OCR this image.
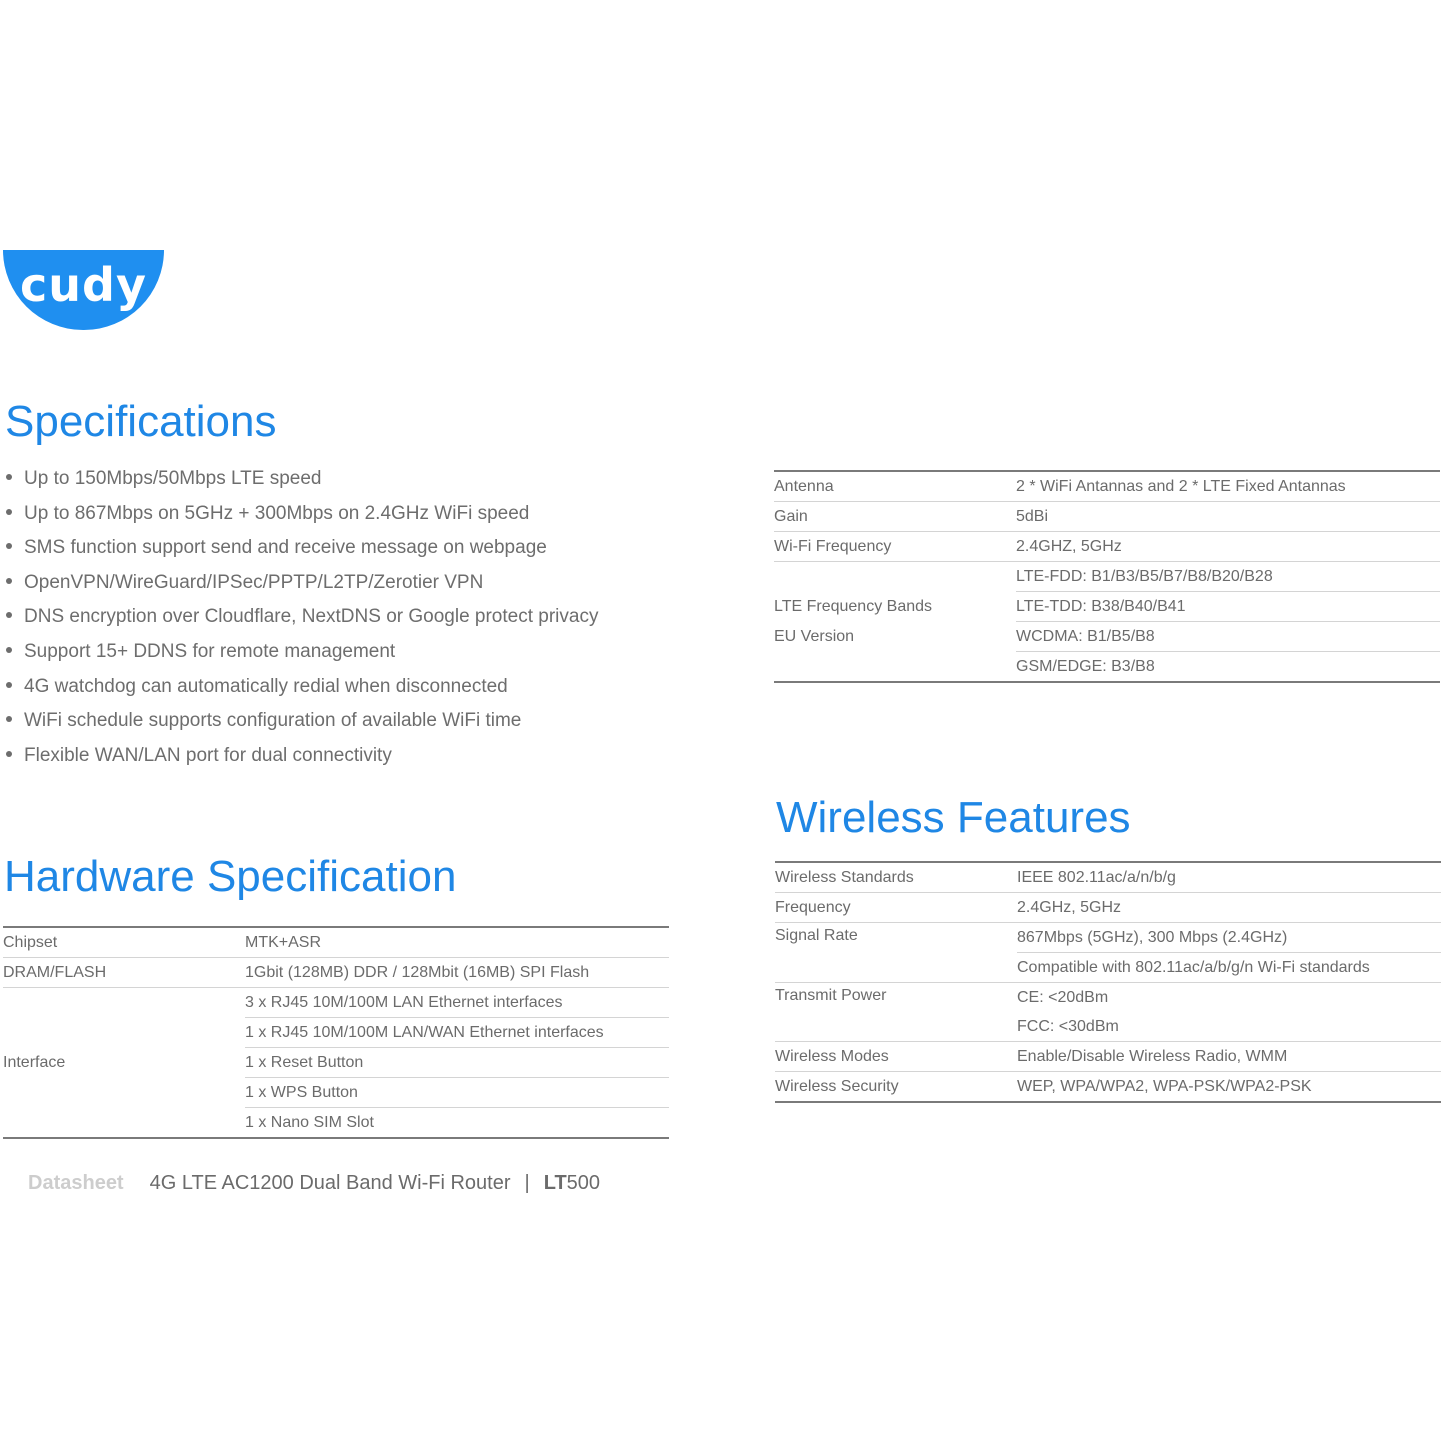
cudy
Specifications
Up to 150Mbps/50Mbps LTE speed
Up to 867Mbps on 5GHz + 300Mbps on 2.4GHz WiFi speed
SMS function support send and receive message on webpage
OpenVPN/WireGuard/IPSec/PPTP/L2TP/Zerotier VPN
DNS encryption over Cloudflare, NextDNS or Google protect privacy
Support 15+ DDNS for remote management
4G watchdog can automatically redial when disconnected
WiFi schedule supports configuration of available WiFi time
Flexible WAN/LAN port for dual connectivity
Hardware Specification
Chipset	MTK+ASR
DRAM/FLASH	1Gbit (128MB) DDR / 128Mbit (16MB) SPI Flash
Interface	3 x RJ45 10M/100M LAN Ethernet interfaces
	1 x RJ45 10M/100M LAN/WAN Ethernet interfaces
	1 x Reset Button
	1 x WPS Button
	1 x Nano SIM Slot
Antenna	2 * WiFi Antannas and 2 * LTE Fixed Antannas
Gain	5dBi
Wi-Fi Frequency	2.4GHZ, 5GHz
	LTE-FDD: B1/B3/B5/B7/B8/B20/B28
LTE Frequency Bands	LTE-TDD: B38/B40/B41
EU Version	WCDMA: B1/B5/B8
	GSM/EDGE: B3/B8
Wireless Features
Wireless Standards	IEEE 802.11ac/a/n/b/g
Frequency	2.4GHz, 5GHz
Signal Rate	867Mbps (5GHz), 300 Mbps (2.4GHz)
	Compatible with 802.11ac/a/b/g/n Wi-Fi standards
Transmit Power	CE: <20dBm
	FCC: <30dBm
Wireless Modes	Enable/Disable Wireless Radio, WMM
Wireless Security	WEP, WPA/WPA2, WPA-PSK/WPA2-PSK
Datasheet 4G LTE AC1200 Dual Band Wi-Fi Router | LT500
